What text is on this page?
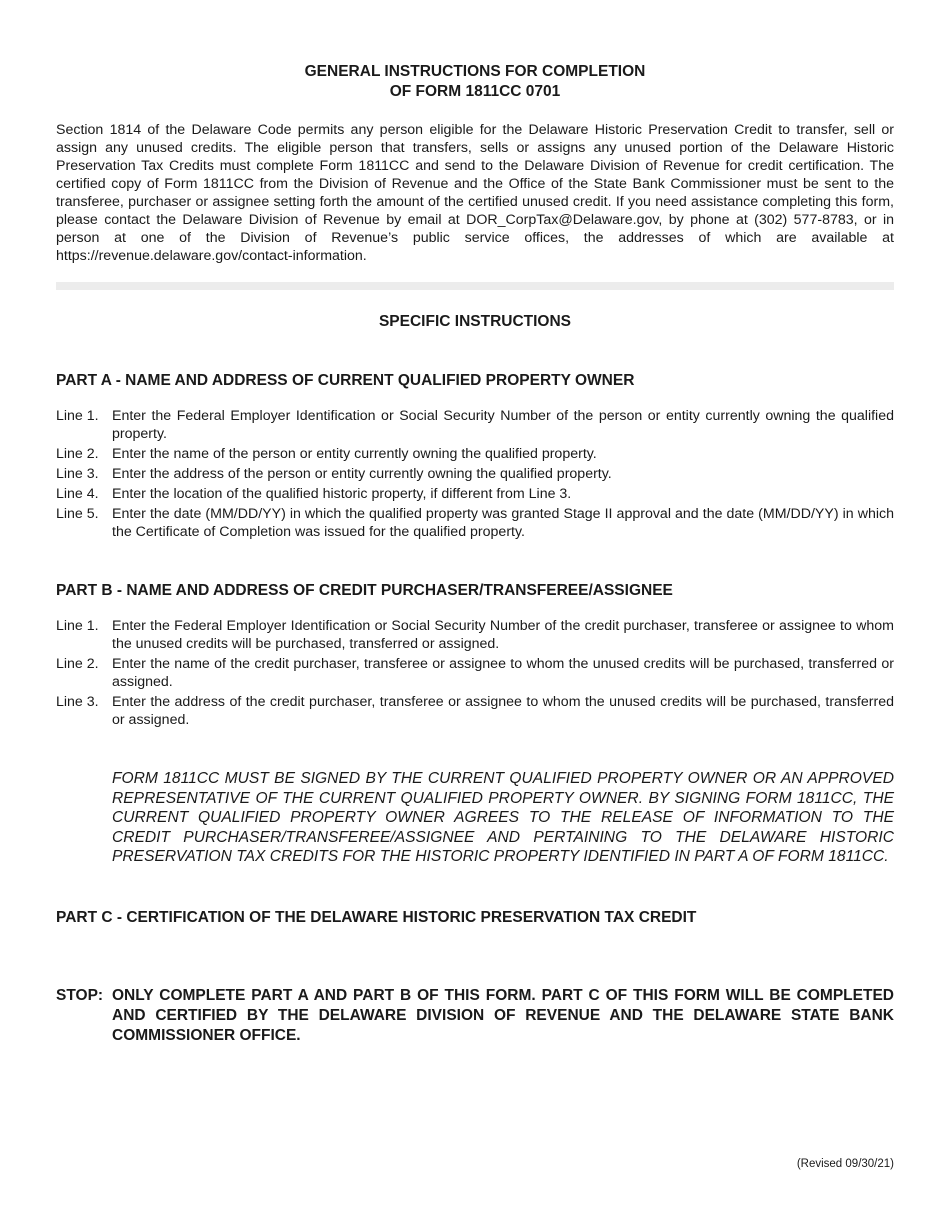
GENERAL INSTRUCTIONS FOR COMPLETION
OF FORM 1811CC 0701
Section 1814 of the Delaware Code permits any person eligible for the Delaware Historic Preservation Credit to transfer, sell or assign any unused credits. The eligible person that transfers, sells or assigns any unused portion of the Delaware Historic Preservation Tax Credits must complete Form 1811CC and send to the Delaware Division of Revenue for credit certification. The certified copy of Form 1811CC from the Division of Revenue and the Office of the State Bank Commissioner must be sent to the transferee, purchaser or assignee setting forth the amount of the certified unused credit. If you need assistance completing this form, please contact the Delaware Division of Revenue by email at DOR_CorpTax@Delaware.gov, by phone at (302) 577-8783, or in person at one of the Division of Revenue’s public service offices, the addresses of which are available at https://revenue.delaware.gov/contact-information.
SPECIFIC INSTRUCTIONS
PART A - NAME AND ADDRESS OF CURRENT QUALIFIED PROPERTY OWNER
Line 1. Enter the Federal Employer Identification or Social Security Number of the person or entity currently owning the qualified property.
Line 2. Enter the name of the person or entity currently owning the qualified property.
Line 3. Enter the address of the person or entity currently owning the qualified property.
Line 4. Enter the location of the qualified historic property, if different from Line 3.
Line 5. Enter the date (MM/DD/YY) in which the qualified property was granted Stage II approval and the date (MM/DD/YY) in which the Certificate of Completion was issued for the qualified property.
PART B - NAME AND ADDRESS OF CREDIT PURCHASER/TRANSFEREE/ASSIGNEE
Line 1. Enter the Federal Employer Identification or Social Security Number of the credit purchaser, transferee or assignee to whom the unused credits will be purchased, transferred or assigned.
Line 2. Enter the name of the credit purchaser, transferee or assignee to whom the unused credits will be purchased, transferred or assigned.
Line 3. Enter the address of the credit purchaser, transferee or assignee to whom the unused credits will be purchased, transferred or assigned.
FORM 1811CC MUST BE SIGNED BY THE CURRENT QUALIFIED PROPERTY OWNER OR AN APPROVED REPRESENTATIVE OF THE CURRENT QUALIFIED PROPERTY OWNER. BY SIGNING FORM 1811CC, THE CURRENT QUALIFIED PROPERTY OWNER AGREES TO THE RELEASE OF INFORMATION TO THE CREDIT PURCHASER/TRANSFEREE/ASSIGNEE AND PERTAINING TO THE DELAWARE HISTORIC PRESERVATION TAX CREDITS FOR THE HISTORIC PROPERTY IDENTIFIED IN PART A OF FORM 1811CC.
PART C - CERTIFICATION OF THE DELAWARE HISTORIC PRESERVATION TAX CREDIT
STOP: ONLY COMPLETE PART A AND PART B OF THIS FORM. PART C OF THIS FORM WILL BE COMPLETED AND CERTIFIED BY THE DELAWARE DIVISION OF REVENUE AND THE DELAWARE STATE BANK COMMISSIONER OFFICE.
(Revised 09/30/21)
